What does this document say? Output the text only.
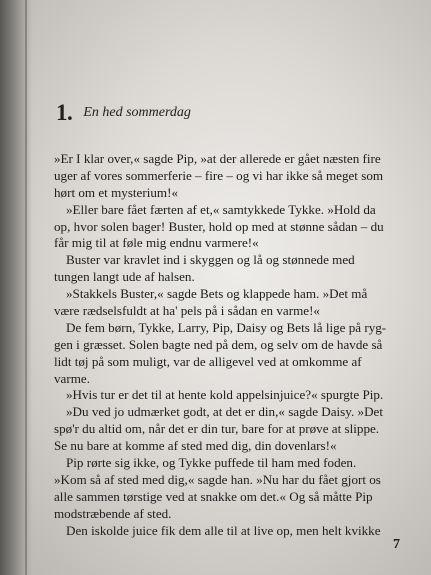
1. En hed sommerdag
»Er I klar over,« sagde Pip, »at der allerede er gået næsten fire
uger af vores sommerferie – fire – og vi har ikke så meget som
hørt om et mysterium!«
»Eller bare fået færten af et,« samtykkede Tykke. »Hold da
op, hvor solen bager! Buster, hold op med at stønne sådan – du
får mig til at føle mig endnu varmere!«
Buster var kravlet ind i skyggen og lå og stønnede med
tungen langt ude af halsen.
»Stakkels Buster,« sagde Bets og klappede ham. »Det må
være rædselsfuldt at ha' pels på i sådan en varme!«
De fem børn, Tykke, Larry, Pip, Daisy og Bets lå lige på ryg-
gen i græsset. Solen bagte ned på dem, og selv om de havde så
lidt tøj på som muligt, var de alligevel ved at omkomme af
varme.
»Hvis tur er det til at hente kold appelsinjuice?« spurgte Pip.
»Du ved jo udmærket godt, at det er din,« sagde Daisy. »Det
spø'r du altid om, når det er din tur, bare for at prøve at slippe.
Se nu bare at komme af sted med dig, din dovenlars!«
Pip rørte sig ikke, og Tykke puffede til ham med foden.
»Kom så af sted med dig,« sagde han. »Nu har du fået gjort os
alle sammen tørstige ved at snakke om det.« Og så måtte Pip
modstræbende af sted.
Den iskolde juice fik dem alle til at live op, men helt kvikke
7
